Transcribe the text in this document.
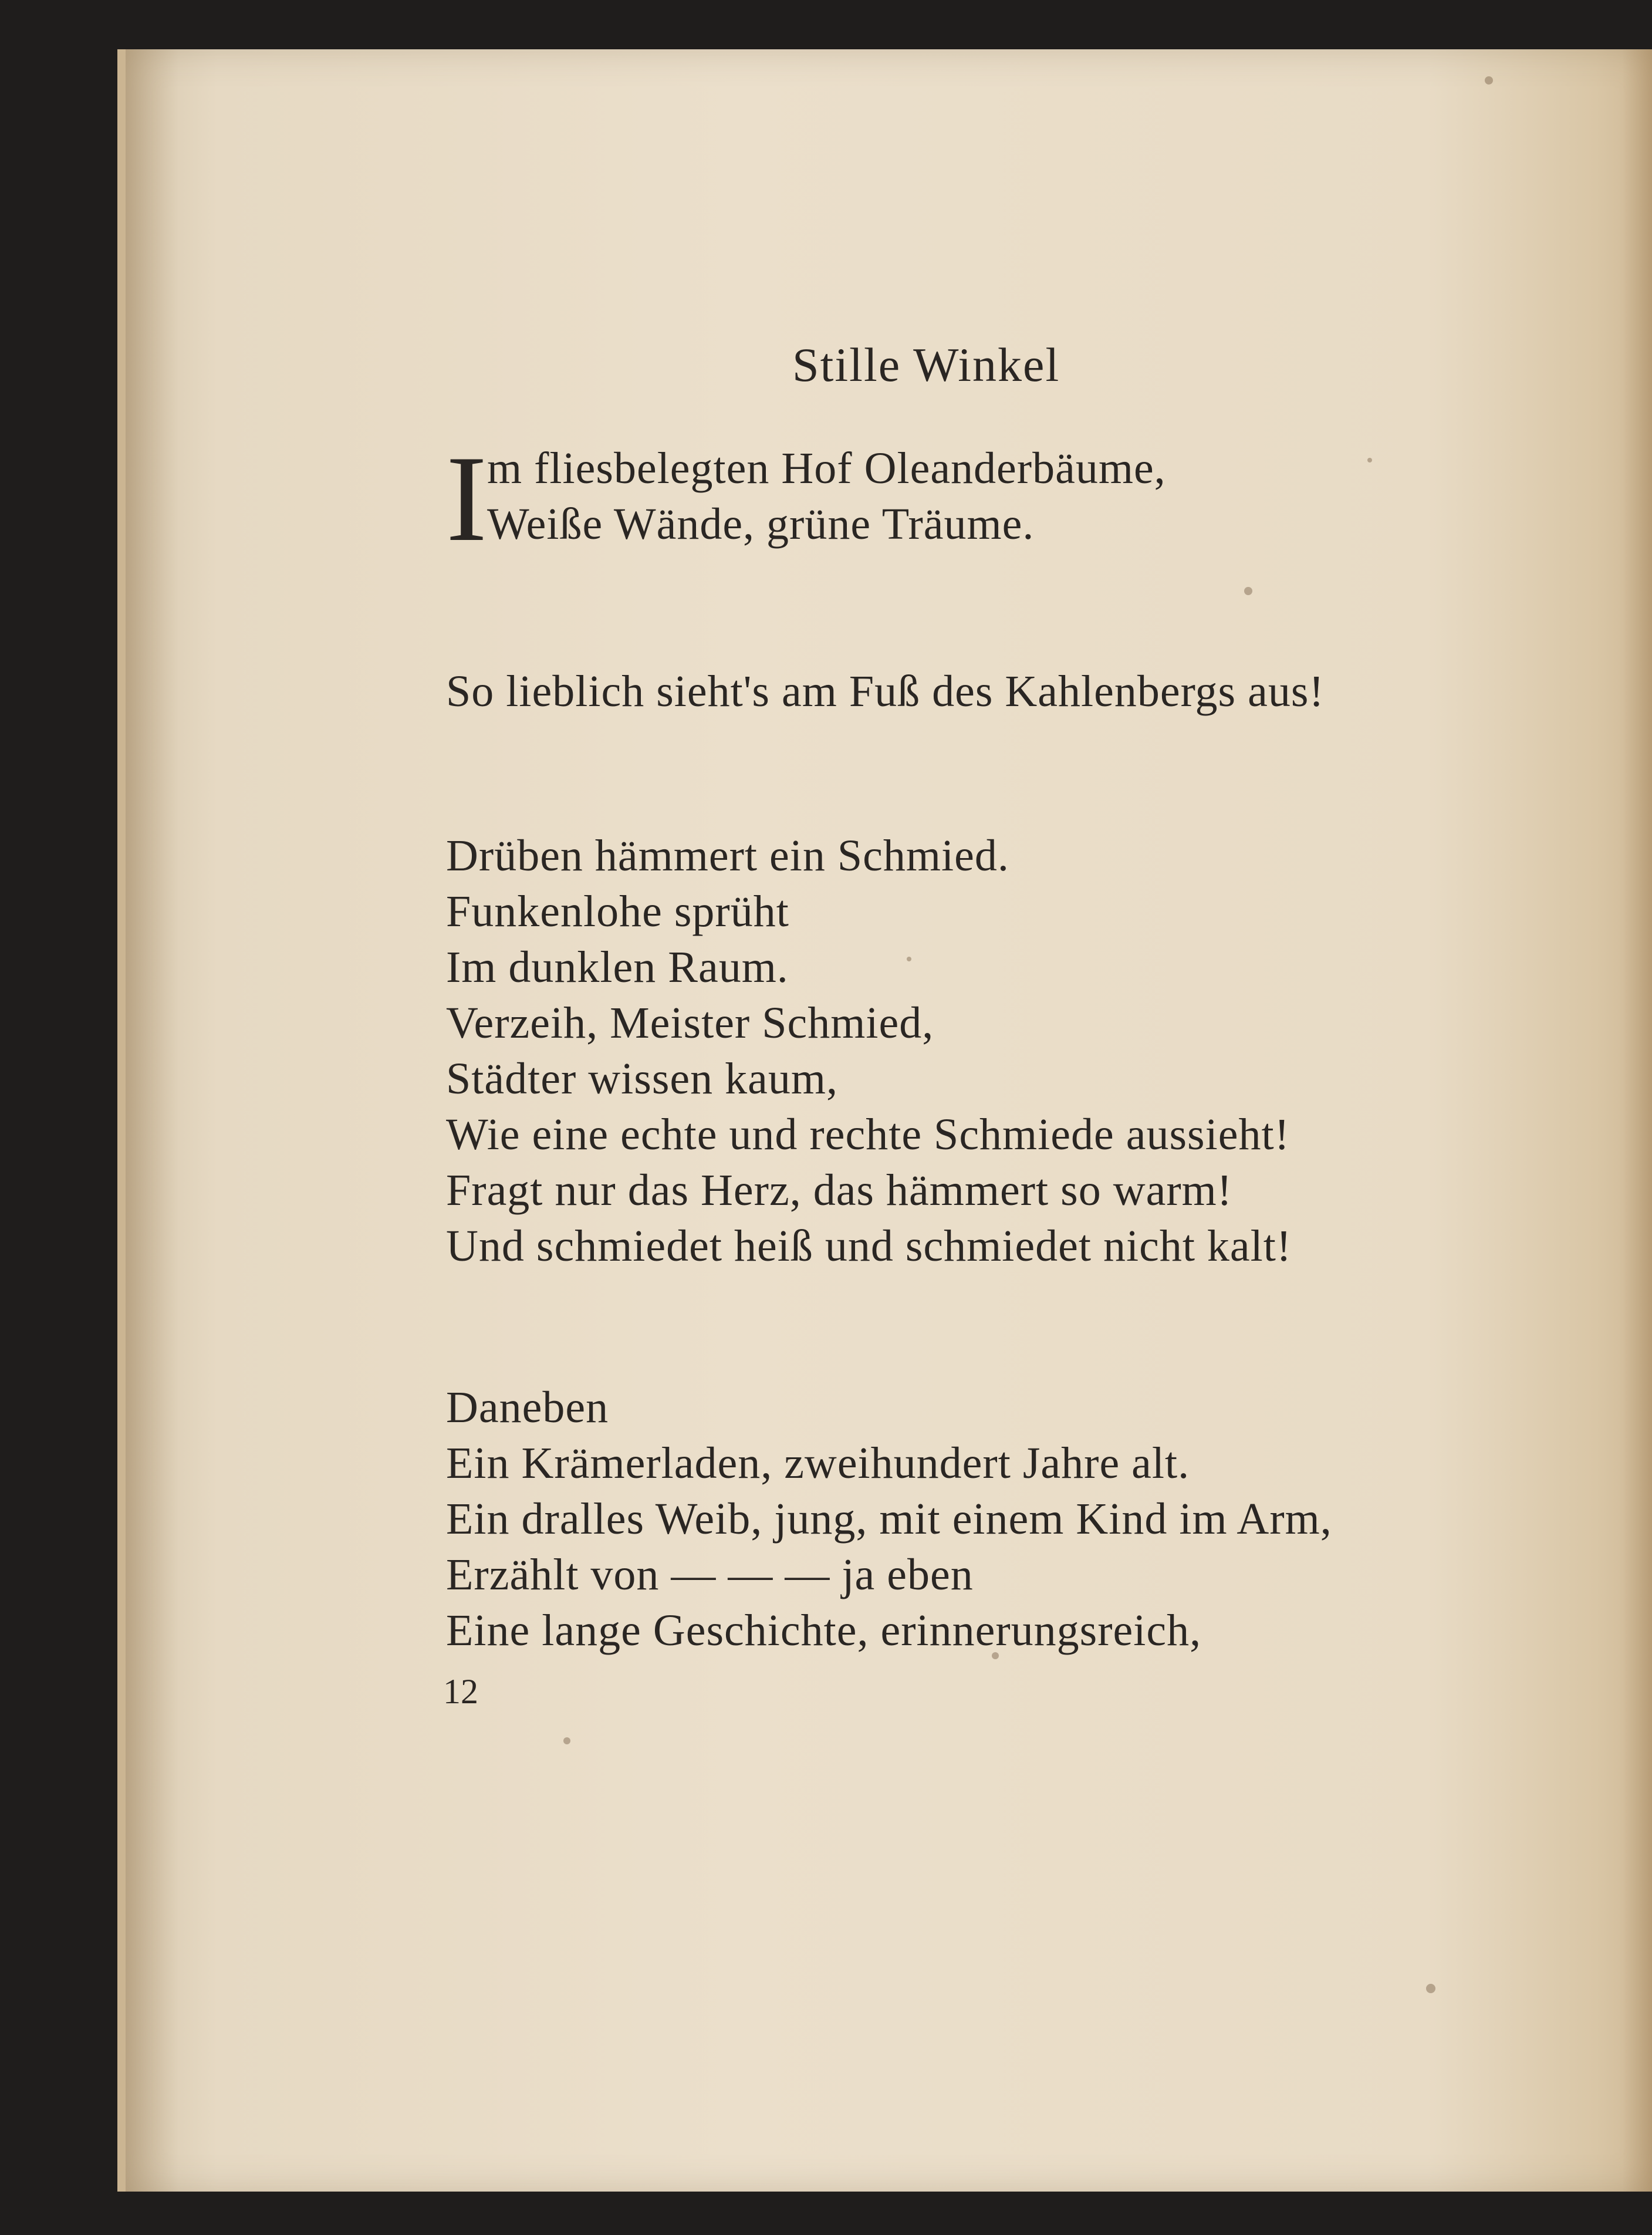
Stille Winkel
I m fliesbelegten Hof Oleanderbäume,
Weiße Wände, grüne Träume.
So lieblich sieht's am Fuß des Kahlenbergs aus!
Drüben hämmert ein Schmied.
Funkenlohe sprüht
Im dunklen Raum.
Verzeih, Meister Schmied,
Städter wissen kaum,
Wie eine echte und rechte Schmiede aussieht!
Fragt nur das Herz, das hämmert so warm!
Und schmiedet heiß und schmiedet nicht kalt!
Daneben
Ein Krämerladen, zweihundert Jahre alt.
Ein dralles Weib, jung, mit einem Kind im Arm,
Erzählt von — — — ja eben
Eine lange Geschichte, erinnerungsreich,
12
